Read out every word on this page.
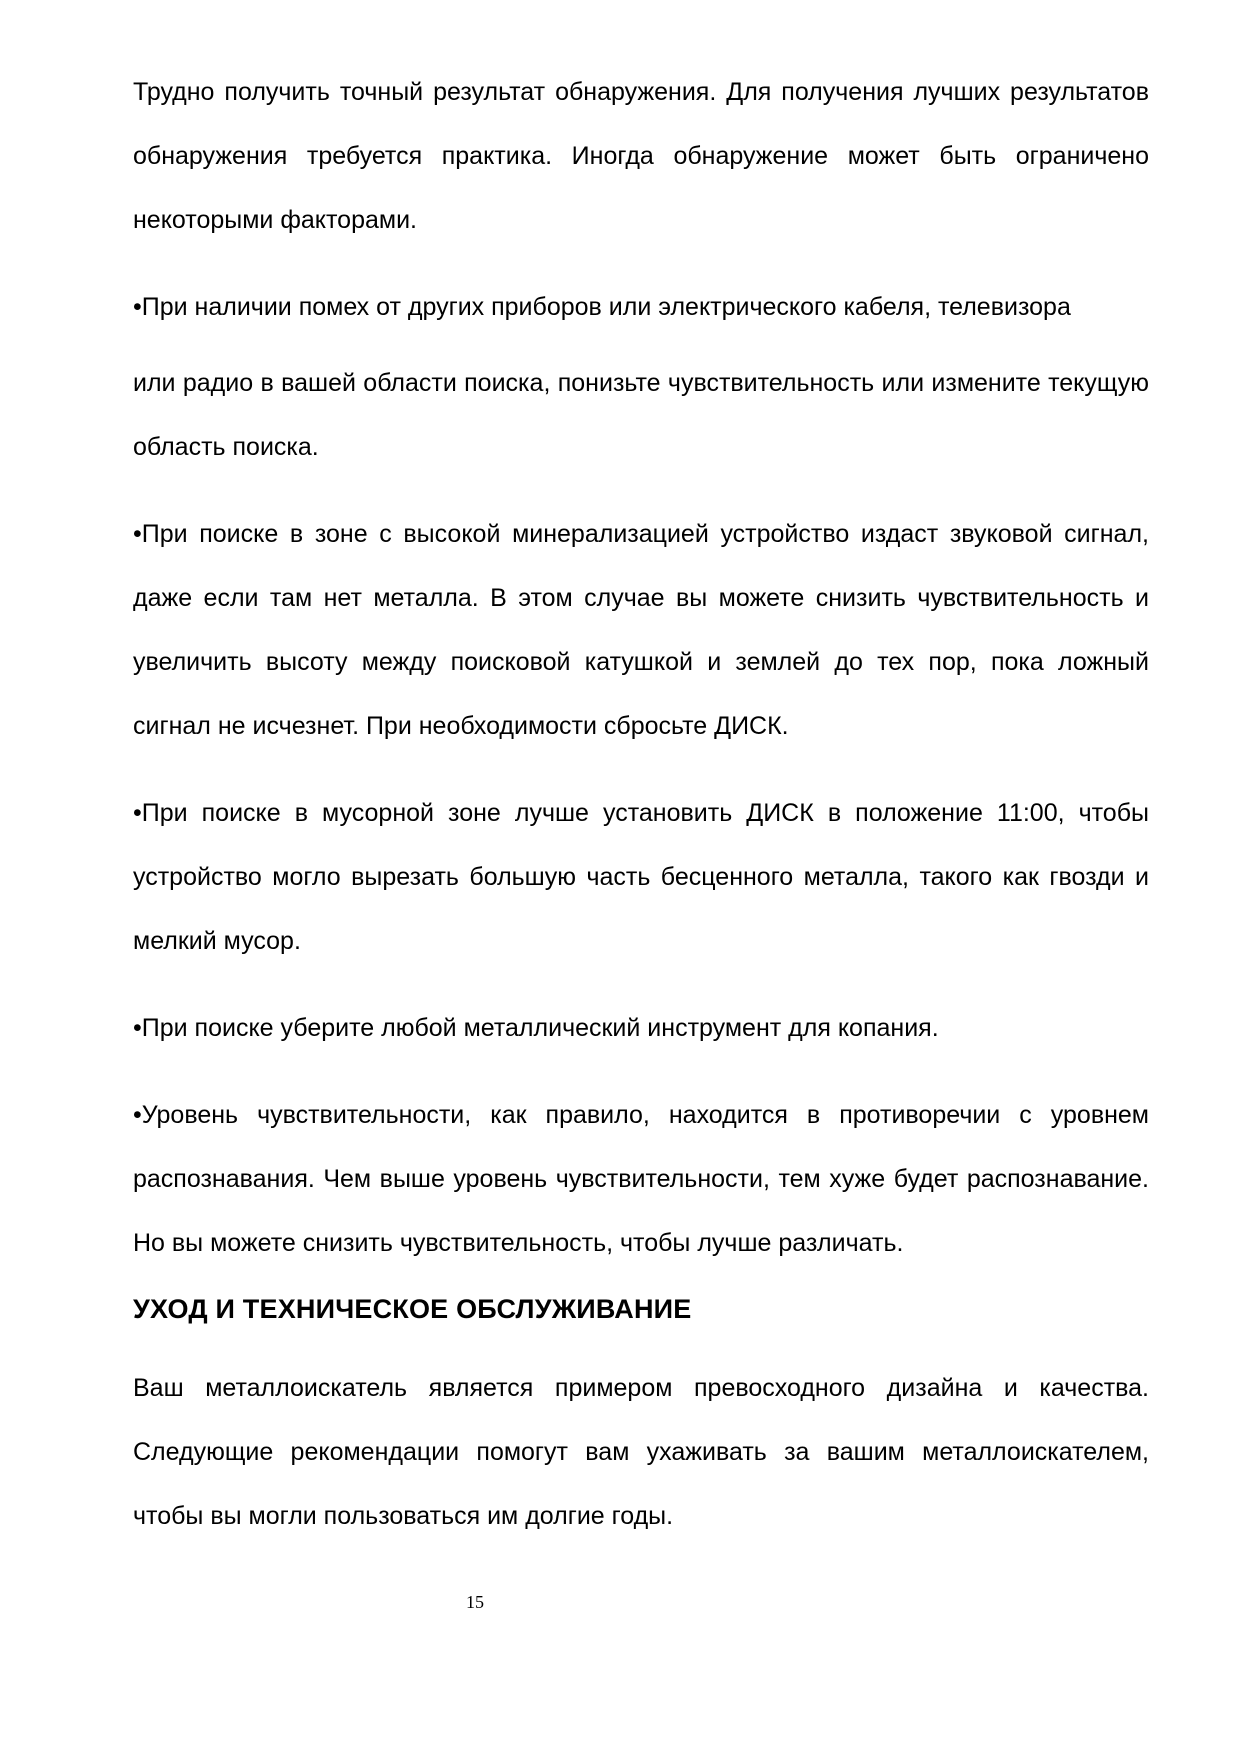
Трудно получить точный результат обнаружения. Для получения лучших результатов обнаружения требуется практика. Иногда обнаружение может быть ограничено некоторыми факторами.

•При наличии помех от других приборов или электрического кабеля, телевизора

или радио в вашей области поиска, понизьте чувствительность или измените текущую область поиска.

•При поиске в зоне с высокой минерализацией устройство издаст звуковой сигнал, даже если там нет металла. В этом случае вы можете снизить чувствительность и увеличить высоту между поисковой катушкой и землей до тех пор, пока ложный сигнал не исчезнет. При необходимости сбросьте ДИСК.

•При поиске в мусорной зоне лучше установить ДИСК в положение 11:00, чтобы устройство могло вырезать большую часть бесценного металла, такого как гвозди и мелкий мусор.

•При поиске уберите любой металлический инструмент для копания.

•Уровень чувствительности, как правило, находится в противоречии с уровнем распознавания. Чем выше уровень чувствительности, тем хуже будет распознавание. Но вы можете снизить чувствительность, чтобы лучше различать.

УХОД И ТЕХНИЧЕСКОЕ ОБСЛУЖИВАНИЕ

Ваш металлоискатель является примером превосходного дизайна и качества. Следующие рекомендации помогут вам ухаживать за вашим металлоискателем, чтобы вы могли пользоваться им долгие годы.

15
